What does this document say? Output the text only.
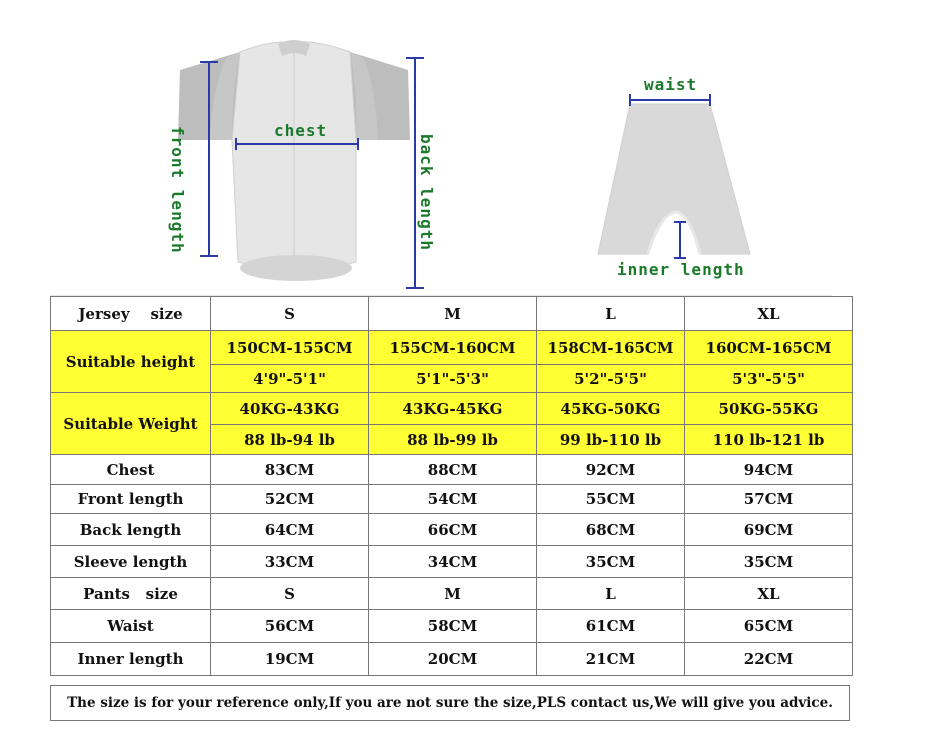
chest
front length	back length
waist
inner length
Jersey    size	S	M	L	XL
Suitable height	150CM-155CM	155CM-160CM	158CM-165CM	160CM-165CM
	4'9"-5'1"	5'1"-5'3"	5'2"-5'5"	5'3"-5'5"
Suitable Weight	40KG-43KG	43KG-45KG	45KG-50KG	50KG-55KG
	88 lb-94 lb	88 lb-99 lb	99 lb-110 lb	110 lb-121 lb
Chest	83CM	88CM	92CM	94CM
Front length	52CM	54CM	55CM	57CM
Back length	64CM	66CM	68CM	69CM
Sleeve length	33CM	34CM	35CM	35CM
Pants   size	S	M	L	XL
Waist	56CM	58CM	61CM	65CM
Inner length	19CM	20CM	21CM	22CM
The size is for your reference only,If you are not sure the size,PLS contact us,We will give you advice.
